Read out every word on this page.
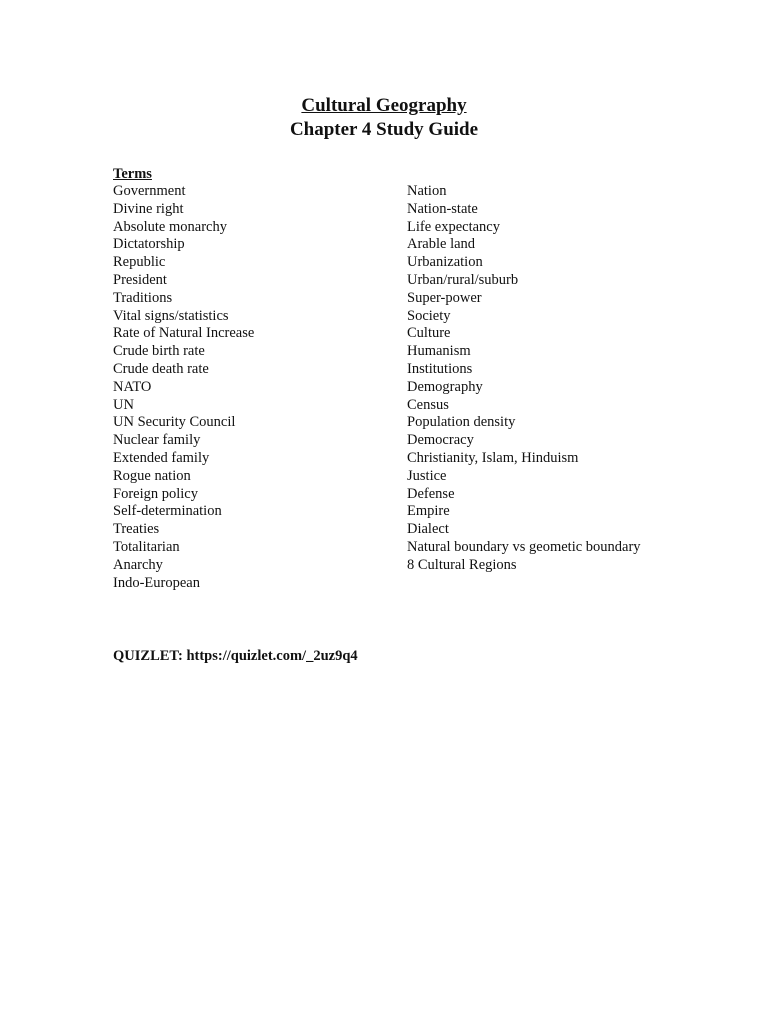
Cultural Geography
Chapter 4 Study Guide
Terms
Government
Divine right
Absolute monarchy
Dictatorship
Republic
President
Traditions
Vital signs/statistics
Rate of Natural Increase
Crude birth rate
Crude death rate
NATO
UN
UN Security Council
Nuclear family
Extended family
Rogue nation
Foreign policy
Self-determination
Treaties
Totalitarian
Anarchy
Indo-European
Nation
Nation-state
Life expectancy
Arable land
Urbanization
Urban/rural/suburb
Super-power
Society
Culture
Humanism
Institutions
Demography
Census
Population density
Democracy
Christianity, Islam, Hinduism
Justice
Defense
Empire
Dialect
Natural boundary vs geometic boundary
8 Cultural Regions
QUIZLET: https://quizlet.com/_2uz9q4
